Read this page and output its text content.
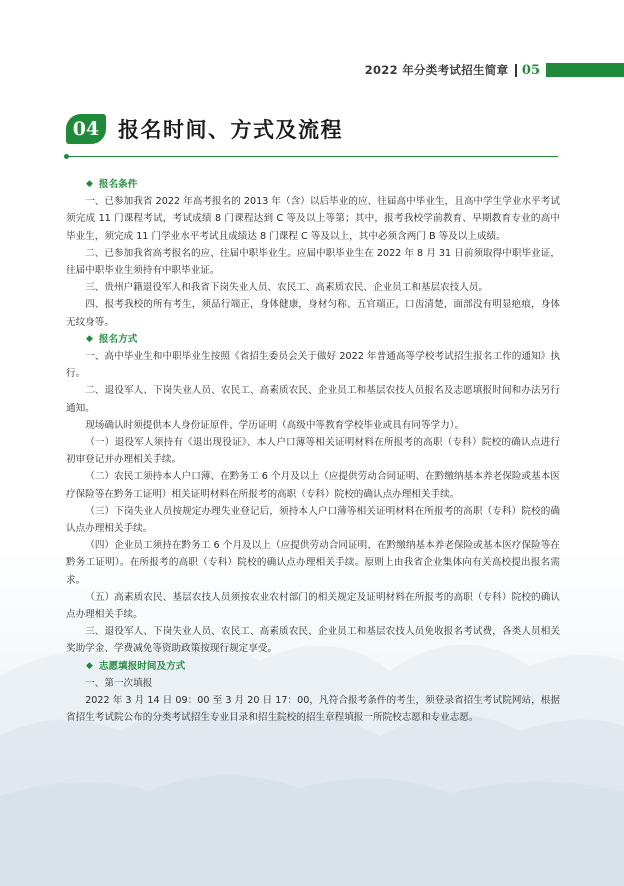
2022 年分类考试招生简章 05
04 报名时间、方式及流程
◆ 报名条件

一、已参加我省 2022 年高考报名的 2013 年（含）以后毕业的应、往届高中毕业生，且高中学生学业水平考试须完成 11 门课程考试，考试成绩 8 门课程达到 C 等及以上等第；其中，报考我校学前教育、早期教育专业的高中毕业生，须完成 11 门学业水平考试且成绩达 8 门课程 C 等及以上，其中必须含两门 B 等及以上成绩。

二、已参加我省高考报名的应、往届中职毕业生。应届中职毕业生在 2022 年 8 月 31 日前须取得中职毕业证，往届中职毕业生须持有中职毕业证。

三、贵州户籍退役军人和我省下岗失业人员、农民工、高素质农民、企业员工和基层农技人员。

四、报考我校的所有考生，须品行端正，身体健康，身材匀称、五官端正，口齿清楚，面部没有明显疤痕，身体无纹身等。

◆ 报名方式

一、高中毕业生和中职毕业生按照《省招生委员会关于做好 2022 年普通高等学校考试招生报名工作的通知》执行。

二、退役军人、下岗失业人员、农民工、高素质农民、企业员工和基层农技人员报名及志愿填报时间和办法另行通知。

现场确认时须提供本人身份证原件、学历证明（高级中等教育学校毕业或具有同等学力）。

（一）退役军人须持有《退出现役证》、本人户口薄等相关证明材料在所报考的高职（专科）院校的确认点进行初审登记并办理相关手续。

（二）农民工须持本人户口薄、在黔务工 6 个月及以上（应提供劳动合同证明、在黔缴纳基本养老保险或基本医疗保险等在黔务工证明）相关证明材料在所报考的高职（专科）院校的确认点办理相关手续。

（三）下岗失业人员按规定办理失业登记后，须持本人户口薄等相关证明材料在所报考的高职（专科）院校的确认点办理相关手续。

（四）企业员工须持在黔务工 6 个月及以上（应提供劳动合同证明、在黔缴纳基本养老保险或基本医疗保险等在黔务工证明）。在所报考的高职（专科）院校的确认点办理相关手续。原则上由我省企业集体向有关高校提出报名需求。

（五）高素质农民、基层农技人员须按农业农村部门的相关规定及证明材料在所报考的高职（专科）院校的确认点办理相关手续。

三、退役军人、下岗失业人员、农民工、高素质农民、企业员工和基层农技人员免收报名考试费，各类人员相关奖助学金、学费减免等资助政策按现行规定享受。

◆ 志愿填报时间及方式

一、第一次填报

2022 年 3 月 14 日 09：00 至 3 月 20 日 17：00，凡符合报考条件的考生，须登录省招生考试院网站，根据省招生考试院公布的分类考试招生专业目录和招生院校的招生章程填报一所院校志愿和专业志愿。
